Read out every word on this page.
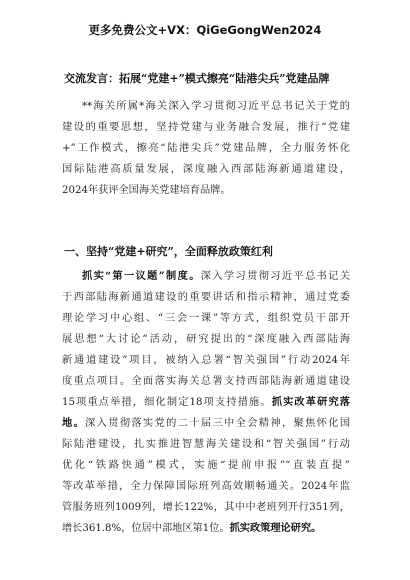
更多免费公文+VX：QiGeGongWen2024
交流发言：拓展“党建+”模式擦亮“陆港尖兵”党建品牌
**海关所属*海关深入学习贯彻习近平总书记关于党的
建设的重要思想，坚持党建与业务融合发展，推行“党建
+”工作模式，擦亮“陆港尖兵”党建品牌，全力服务怀化
国际陆港高质量发展，深度融入西部陆海新通道建设，
2024年获评全国海关党建培育品牌。
一、坚持“党建+研究”，全面释放政策红利
抓实“第一议题”制度。深入学习贯彻习近平总书记关
于西部陆海新通道建设的重要讲话和指示精神，通过党委
理论学习中心组、“三会一课”等方式，组织党员干部开
展思想“大讨论”活动，研究提出的“深度融入西部陆海
新通道建设”项目，被纳入总署“智关强国”行动2024年
度重点项目。全面落实海关总署支持西部陆海新通道建设
15项重点举措，细化制定18项支持措施。抓实改革研究落
地。深入贯彻落实党的二十届三中全会精神，聚焦怀化国
际陆港建设，扎实推进智慧海关建设和“智关强国”行动
优化“铁路快通”模式，实施“提前申报”“直装直提”
等改革举措，全力保障国际班列高效顺畅通关。2024年监
管服务班列1009列，增长122%，其中中老班列开行351列，
增长361.8%，位居中部地区第1位。抓实政策理论研究。
